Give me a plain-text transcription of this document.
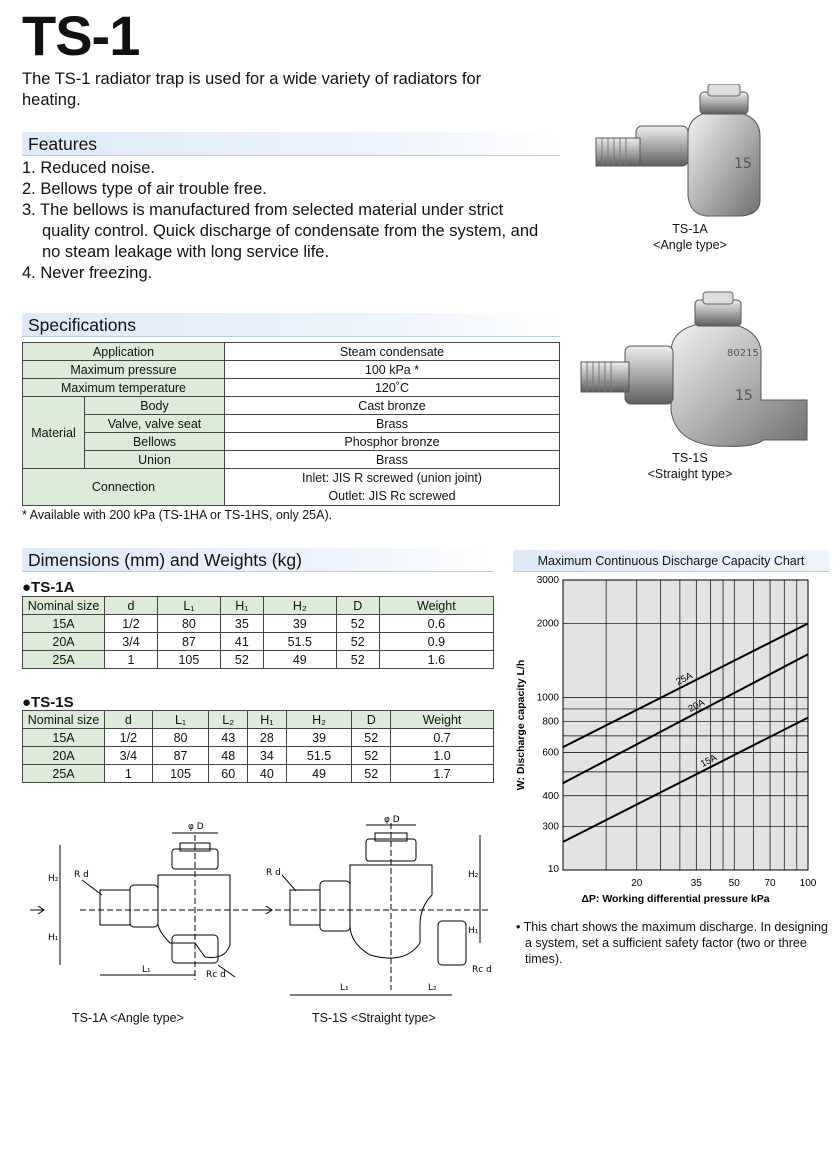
TS-1
The TS-1 radiator trap is used for a wide variety of radiators for heating.
Features
1. Reduced noise.
2. Bellows type of air trouble free.
3. The bellows is manufactured from selected material under strict quality control. Quick discharge of condensate from the system, and no steam leakage with long service life.
4. Never freezing.
Specifications
Application		Steam condensate
Maximum pressure		100 kPa *
Maximum temperature		120˚C
Material	Body	Cast bronze
	Valve, valve seat	Brass
	Bellows	Phosphor bronze
	Union	Brass
Connection		Inlet: JIS R screwed (union joint)
Outlet: JIS Rc screwed
* Available with 200 kPa (TS-1HA or TS-1HS, only 25A).
15
TS-1A
<Angle type>
80215
15
TS-1S
<Straight type>
Dimensions (mm) and Weights (kg)
●TS-1A
Nominal size	d	L₁	H₁	H₂	D	Weight
15A	1/2	80	35	39	52	0.6
20A	3/4	87	41	51.5	52	0.9
25A	1	105	52	49	52	1.6
●TS-1S
Nominal size	d	L₁	L₂	H₁	H₂	D	Weight
15A	1/2	80	43	28	39	52	0.7
20A	3/4	87	48	34	51.5	52	1.0
25A	1	105	60	40	49	52	1.7
φ D
R d
H₂
H₁
L₁	Rc d
φ D
R d	H₂
H₁
Rc d
L₁	L₂
TS-1A <Angle type>	TS-1S <Straight type>
Maximum Continuous Discharge Capacity Chart
300
400
600
800
1000
2000
3000
10
20	35	50 70 100
25A
20A
15A
W: Discharge capacity L/h
ΔP: Working differential pressure kPa
• This chart shows the maximum discharge. In designing a system, set a sufficient safety factor (two or three times).
